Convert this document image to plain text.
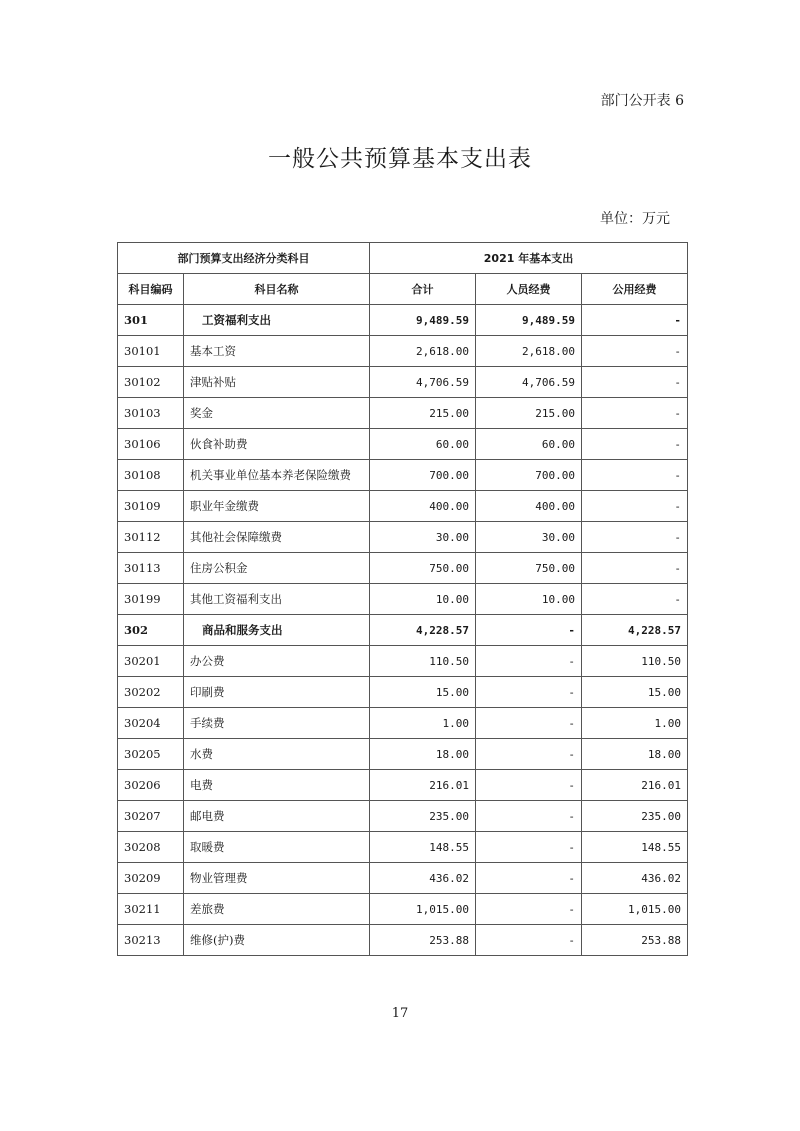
部门公开表 6
一般公共预算基本支出表
单位：万元
部门预算支出经济分类科目		2021 年基本支出		
科目编码	科目名称	合计	人员经费	公用经费
301	工资福利支出	9,489.59	9,489.59	-
30101	基本工资	2,618.00	2,618.00	-
30102	津贴补贴	4,706.59	4,706.59	-
30103	奖金	215.00	215.00	-
30106	伙食补助费	60.00	60.00	-
30108	机关事业单位基本养老保险缴费	700.00	700.00	-
30109	职业年金缴费	400.00	400.00	-
30112	其他社会保障缴费	30.00	30.00	-
30113	住房公积金	750.00	750.00	-
30199	其他工资福利支出	10.00	10.00	-
302	商品和服务支出	4,228.57	-	4,228.57
30201	办公费	110.50	-	110.50
30202	印刷费	15.00	-	15.00
30204	手续费	1.00	-	1.00
30205	水费	18.00	-	18.00
30206	电费	216.01	-	216.01
30207	邮电费	235.00	-	235.00
30208	取暖费	148.55	-	148.55
30209	物业管理费	436.02	-	436.02
30211	差旅费	1,015.00	-	1,015.00
30213	维修(护)费	253.88	-	253.88
17
